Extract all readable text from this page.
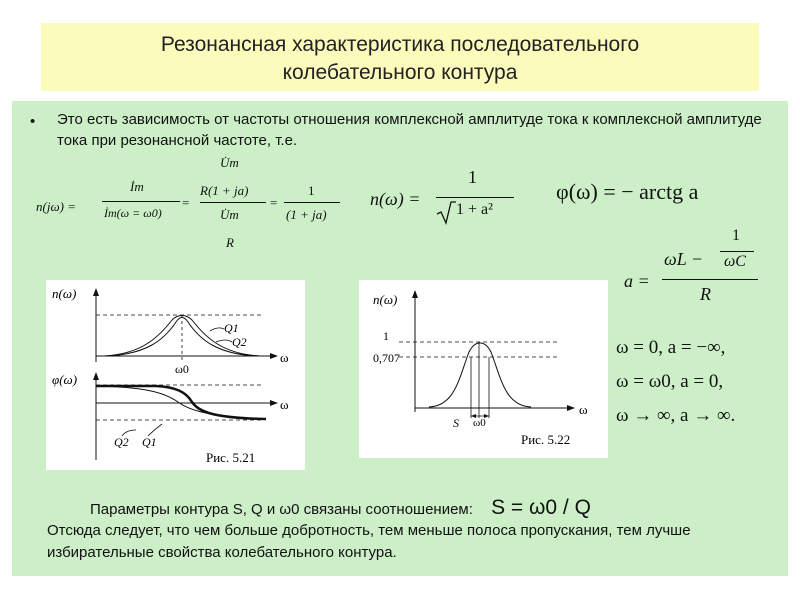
Резонансная характеристика последовательного
колебательного контура
• Это есть зависимость от частоты отношения комплексной амплитуде тока к комплексной амплитуде тока при резонансной частоте, т.е.
n(jω) =
İm
İm(ω = ω0)
=
U̇m
R(1 + ja)
U̇m
R
=
1
(1 + ja)
n(ω) =
1
1 + a²
φ(ω) = − arctg a
a =
ωL −
1
ωC
R
n(ω)
ω
ω0
Q1
Q2
φ(ω)
ω
Q2 Q1
Рис. 5.21
n(ω)
ω
1
0,707
S ω0
Рис. 5.22
ω = 0, a = −∞,
ω = ω0, a = 0,
ω → ∞, a → ∞.
Параметры контура S, Q и ω0 связаны соотношением: S = ω0 / Q
Отсюда следует, что чем больше добротность, тем меньше полоса пропускания, тем лучше избирательные свойства колебательного контура.
